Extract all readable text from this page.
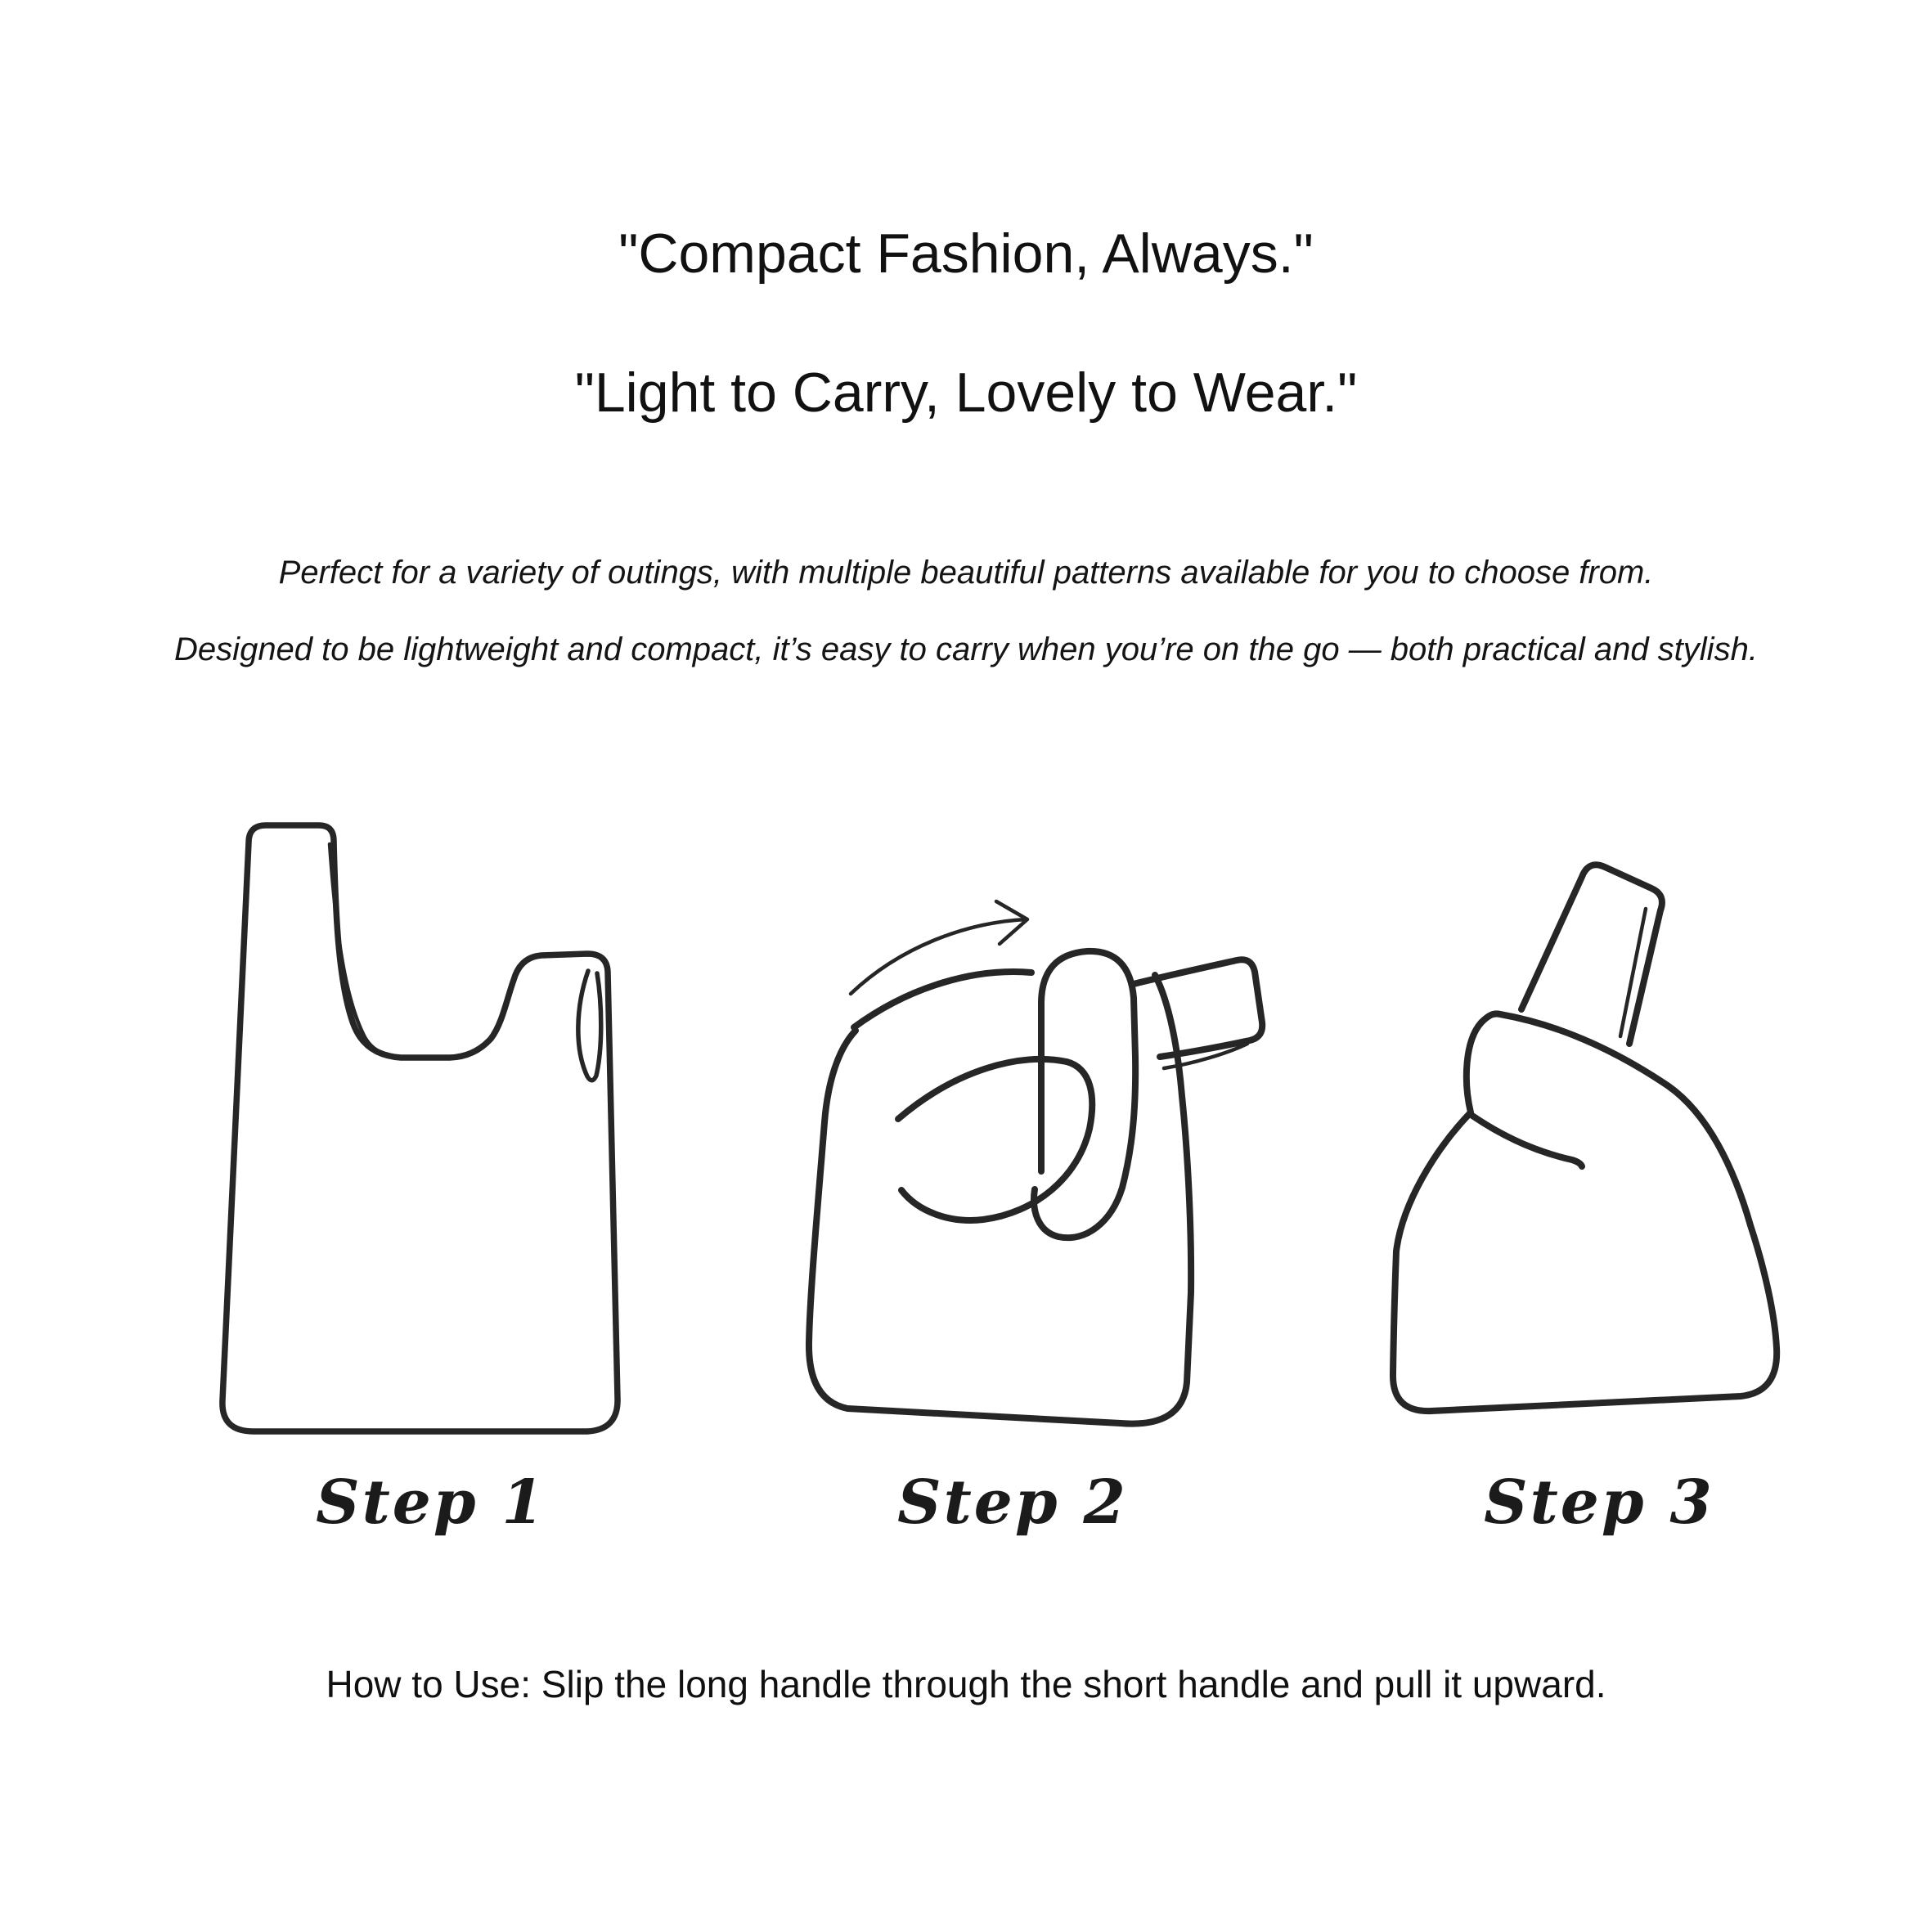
"Compact Fashion, Always."
"Light to Carry, Lovely to Wear."

Perfect for a variety of outings, with multiple beautiful patterns available for you to choose from.

Designed to be lightweight and compact, it’s easy to carry when you’re on the go — both practical and stylish.

Step 1	Step 2	Step 3

How to Use: Slip the long handle through the short handle and pull it upward.
